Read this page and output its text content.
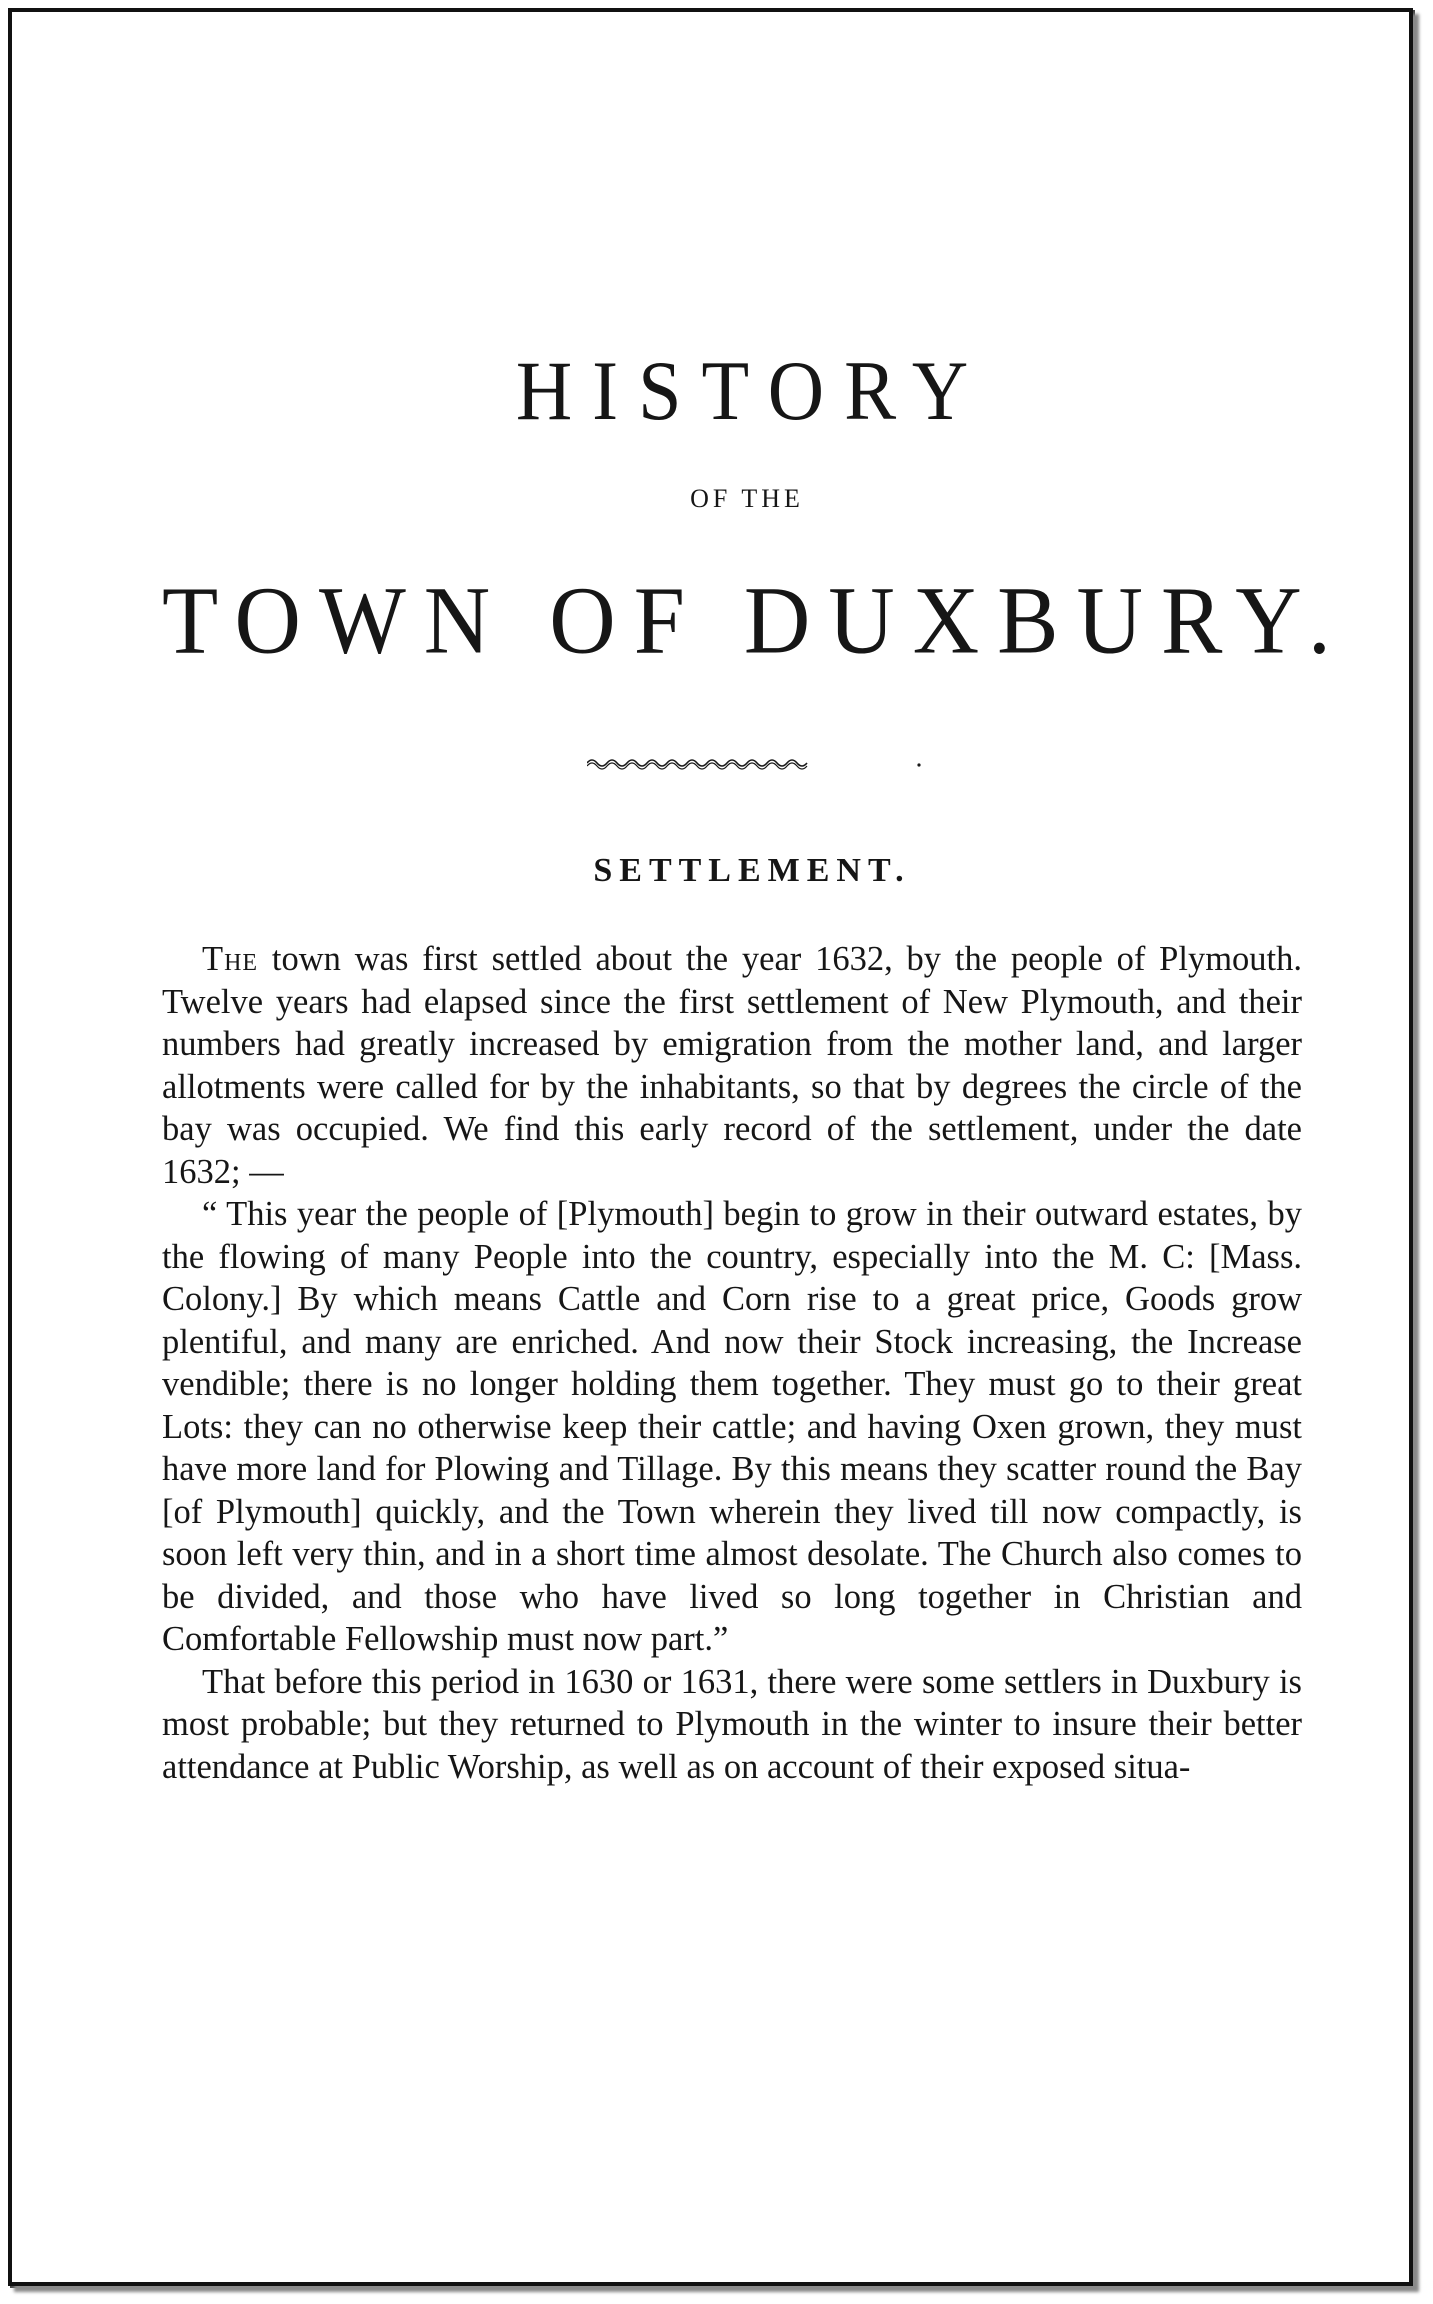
HISTORY
OF THE
TOWN OF DUXBURY.
SETTLEMENT.

The town was first settled about the year 1632, by the people of Plymouth. Twelve years had elapsed since the first settlement of New Plymouth, and their numbers had greatly increased by emigration from the mother land, and larger allotments were called for by the inhabitants, so that by degrees the circle of the bay was occupied. We find this early record of the settlement, under the date 1632; —

“ This year the people of [Plymouth] begin to grow in their outward estates, by the flowing of many People into the country, especially into the M. C: [Mass. Colony.] By which means Cattle and Corn rise to a great price, Goods grow plentiful, and many are enriched. And now their Stock increasing, the Increase vendible; there is no longer holding them together. They must go to their great Lots: they can no otherwise keep their cattle; and having Oxen grown, they must have more land for Plowing and Tillage. By this means they scatter round the Bay [of Plymouth] quickly, and the Town wherein they lived till now compactly, is soon left very thin, and in a short time almost desolate. The Church also comes to be divided, and those who have lived so long together in Christian and Comfortable Fellowship must now part.”

That before this period in 1630 or 1631, there were some settlers in Duxbury is most probable; but they returned to Plymouth in the winter to insure their better attendance at Public Worship, as well as on account of their exposed situa-
